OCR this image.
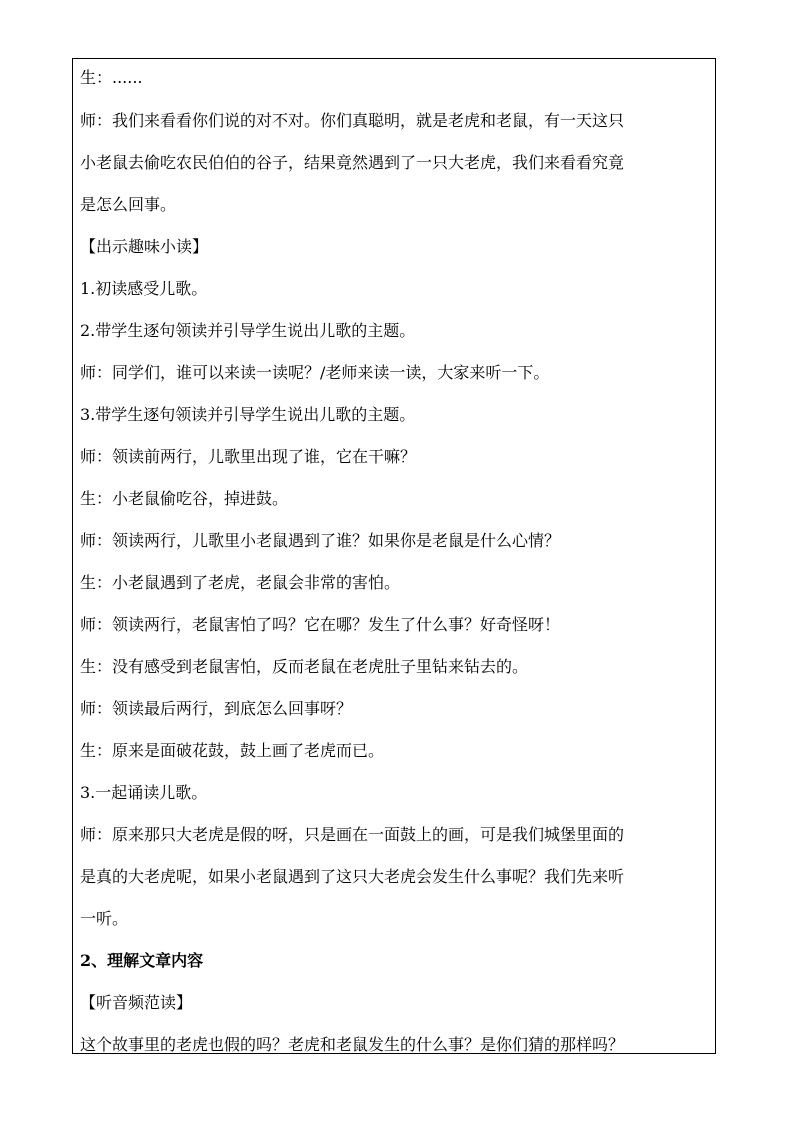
生：......
师：我们来看看你们说的对不对。你们真聪明，就是老虎和老鼠，有一天这只
小老鼠去偷吃农民伯伯的谷子，结果竟然遇到了一只大老虎，我们来看看究竟
是怎么回事。
【出示趣味小读】
1.初读感受儿歌。
2.带学生逐句领读并引导学生说出儿歌的主题。
师：同学们，谁可以来读一读呢？/老师来读一读，大家来听一下。
3.带学生逐句领读并引导学生说出儿歌的主题。
师：领读前两行，儿歌里出现了谁，它在干嘛？
生：小老鼠偷吃谷，掉进鼓。
师：领读两行，儿歌里小老鼠遇到了谁？如果你是老鼠是什么心情？
生：小老鼠遇到了老虎，老鼠会非常的害怕。
师：领读两行，老鼠害怕了吗？它在哪？发生了什么事？好奇怪呀！
生：没有感受到老鼠害怕，反而老鼠在老虎肚子里钻来钻去的。
师：领读最后两行，到底怎么回事呀？
生：原来是面破花鼓，鼓上画了老虎而已。
3.一起诵读儿歌。
师：原来那只大老虎是假的呀，只是画在一面鼓上的画，可是我们城堡里面的
是真的大老虎呢，如果小老鼠遇到了这只大老虎会发生什么事呢？我们先来听
一听。
2、理解文章内容
【听音频范读】
这个故事里的老虎也假的吗？老虎和老鼠发生的什么事？是你们猜的那样吗？
